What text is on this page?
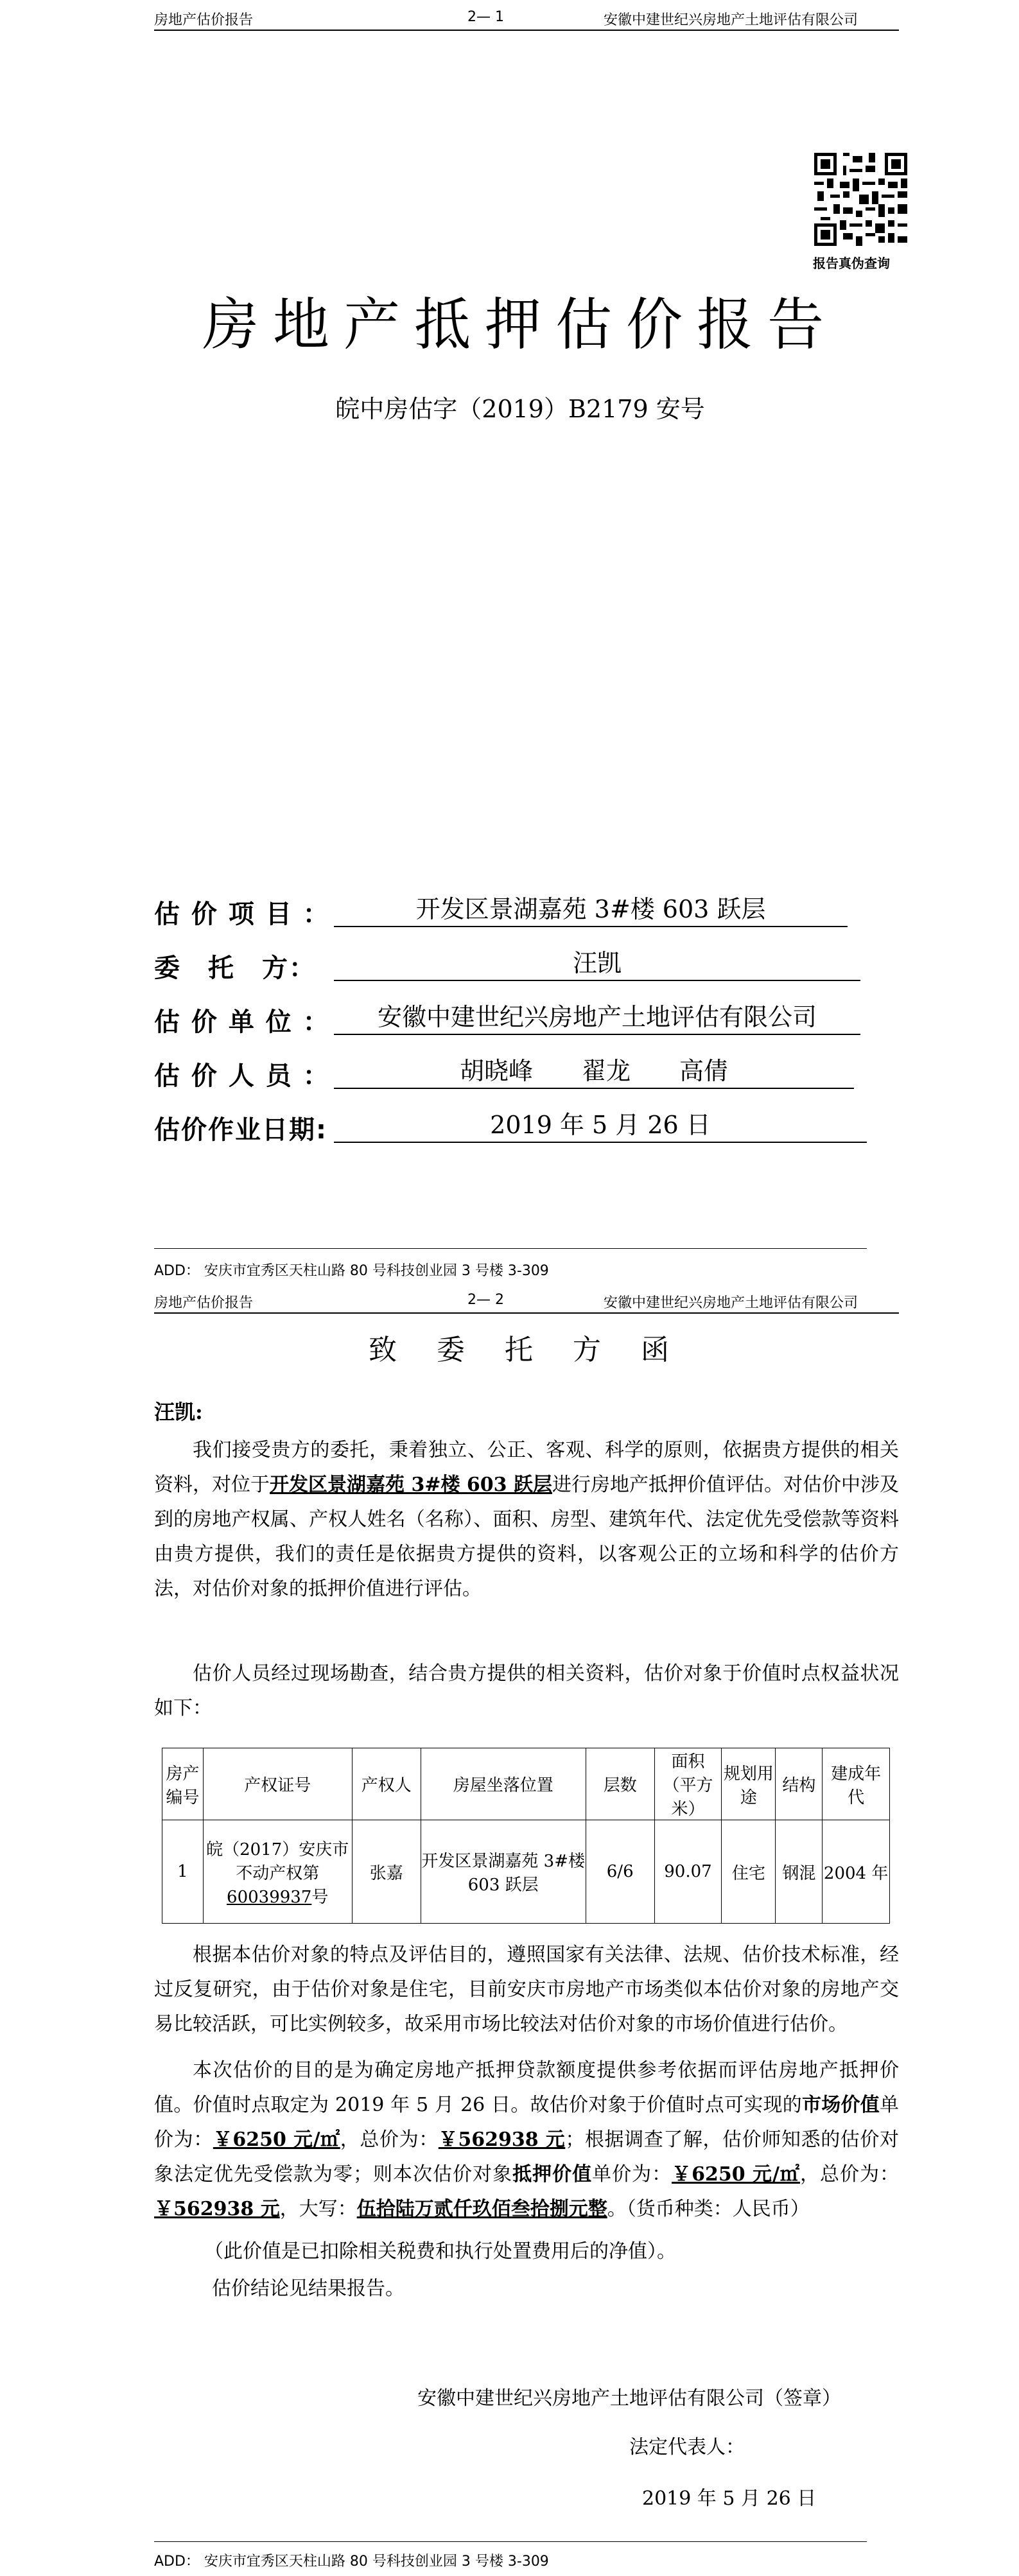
房地产估价报告	2— 1	安徽中建世纪兴房地产土地评估有限公司
报告真伪查询
房地产抵押估价报告
皖中房估字（2019）B2179 安号
估 价 项 目 ：	开发区景湖嘉苑 3#楼 603 跃层
委　托　方：	汪凯
估 价 单 位 ：	安徽中建世纪兴房地产土地评估有限公司
估 价 人 员 ：	胡晓峰　　翟龙　　高倩
估价作业日期:	2019 年 5 月 26 日
ADD： 安庆市宜秀区天柱山路 80 号科技创业园 3 号楼 3-309
房地产估价报告	2— 2	安徽中建世纪兴房地产土地评估有限公司
致 委 托 方 函
汪凯:
我们接受贵方的委托，秉着独立、公正、客观、科学的原则，依据贵方提供的相关资料，对位于开发区景湖嘉苑 3#楼 603 跃层进行房地产抵押价值评估。对估价中涉及到的房地产权属、产权人姓名（名称）、面积、房型、建筑年代、法定优先受偿款等资料由贵方提供，我们的责任是依据贵方提供的资料，以客观公正的立场和科学的估价方法，对估价对象的抵押价值进行评估。
估价人员经过现场勘查，结合贵方提供的相关资料，估价对象于价值时点权益状况如下：
房产编号	产权证号	产权人	房屋坐落位置	层数	面积（平方米）	规划用途	结构	建成年代
1	皖（2017）安庆市不动产权第60039937号	张嘉	开发区景湖嘉苑 3#楼 603 跃层	6/6	90.07	住宅	钢混	2004 年
根据本估价对象的特点及评估目的，遵照国家有关法律、法规、估价技术标准，经过反复研究，由于估价对象是住宅，目前安庆市房地产市场类似本估价对象的房地产交易比较活跃，可比实例较多，故采用市场比较法对估价对象的市场价值进行估价。
本次估价的目的是为确定房地产抵押贷款额度提供参考依据而评估房地产抵押价值。价值时点取定为 2019 年 5 月 26 日。故估价对象于价值时点可实现的市场价值单价为：￥6250 元/㎡，总价为：￥562938 元；根据调查了解，估价师知悉的估价对象法定优先受偿款为零；则本次估价对象抵押价值单价为：￥6250 元/㎡，总价为：￥562938 元，大写：伍拾陆万贰仟玖佰叁拾捌元整。（货币种类：人民币）
（此价值是已扣除相关税费和执行处置费用后的净值）。
估价结论见结果报告。
安徽中建世纪兴房地产土地评估有限公司（签章）
法定代表人：
2019 年 5 月 26 日
ADD： 安庆市宜秀区天柱山路 80 号科技创业园 3 号楼 3-309
